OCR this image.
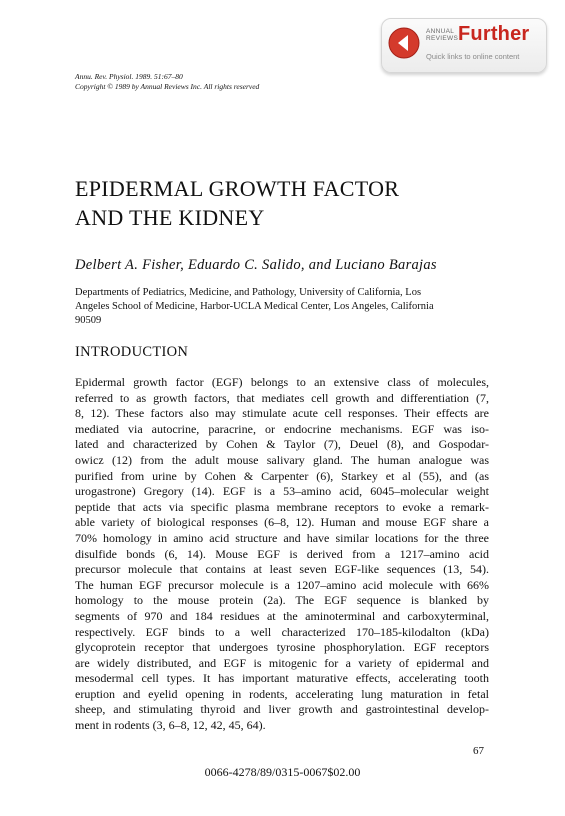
ANNUAL
REVIEWS Further
Quick links to online content
Annu. Rev. Physiol. 1989. 51:67–80
Copyright © 1989 by Annual Reviews Inc. All rights reserved
EPIDERMAL GROWTH FACTOR
AND THE KIDNEY
Delbert A. Fisher, Eduardo C. Salido, and Luciano Barajas
Departments of Pediatrics, Medicine, and Pathology, University of California, Los
Angeles School of Medicine, Harbor-UCLA Medical Center, Los Angeles, California
90509
INTRODUCTION
Epidermal growth factor (EGF) belongs to an extensive class of molecules,
referred to as growth factors, that mediates cell growth and differentiation (7,
8, 12). These factors also may stimulate acute cell responses. Their effects are
mediated via autocrine, paracrine, or endocrine mechanisms. EGF was iso-
lated and characterized by Cohen & Taylor (7), Deuel (8), and Gospodar-
owicz (12) from the adult mouse salivary gland. The human analogue was
purified from urine by Cohen & Carpenter (6), Starkey et al (55), and (as
urogastrone) Gregory (14). EGF is a 53–amino acid, 6045–molecular weight
peptide that acts via specific plasma membrane receptors to evoke a remark-
able variety of biological responses (6–8, 12). Human and mouse EGF share a
70% homology in amino acid structure and have similar locations for the three
disulfide bonds (6, 14). Mouse EGF is derived from a 1217–amino acid
precursor molecule that contains at least seven EGF-like sequences (13, 54).
The human EGF precursor molecule is a 1207–amino acid molecule with 66%
homology to the mouse protein (2a). The EGF sequence is blanked by
segments of 970 and 184 residues at the aminoterminal and carboxyterminal,
respectively. EGF binds to a well characterized 170–185-kilodalton (kDa)
glycoprotein receptor that undergoes tyrosine phosphorylation. EGF receptors
are widely distributed, and EGF is mitogenic for a variety of epidermal and
mesodermal cell types. It has important maturative effects, accelerating tooth
eruption and eyelid opening in rodents, accelerating lung maturation in fetal
sheep, and stimulating thyroid and liver growth and gastrointestinal develop-
ment in rodents (3, 6–8, 12, 42, 45, 64).
67
0066-4278/89/0315-0067$02.00
